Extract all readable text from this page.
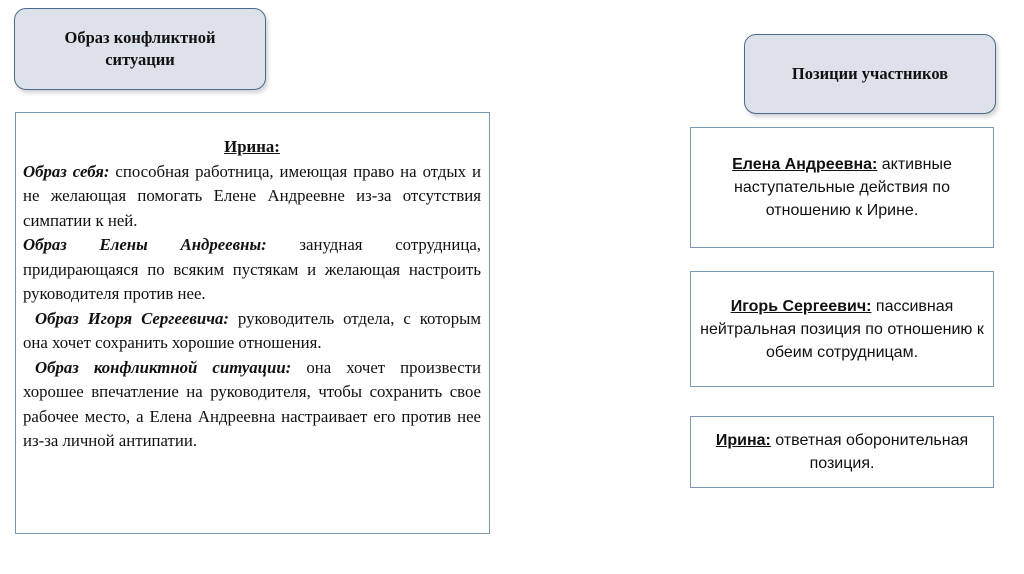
Образ конфликтной ситуации
Позиции участников
Ирина:
Образ себя: способная работница, имеющая право на отдых и не желающая помогать Елене Андреевне из-за отсутствия симпатии к ней.
Образ Елены Андреевны: занудная сотрудница, придирающаяся по всяким пустякам и желающая настроить руководителя против нее.
Образ Игоря Сергеевича: руководитель отдела, с которым она хочет сохранить хорошие отношения.
Образ конфликтной ситуации: она хочет произвести хорошее впечатление на руководителя, чтобы сохранить свое рабочее место, а Елена Андреевна настраивает его против нее из-за личной антипатии.
Елена Андреевна: активные наступательные действия по отношению к Ирине.
Игорь Сергеевич: пассивная нейтральная позиция по отношению к обеим сотрудницам.
Ирина: ответная оборонительная позиция.
